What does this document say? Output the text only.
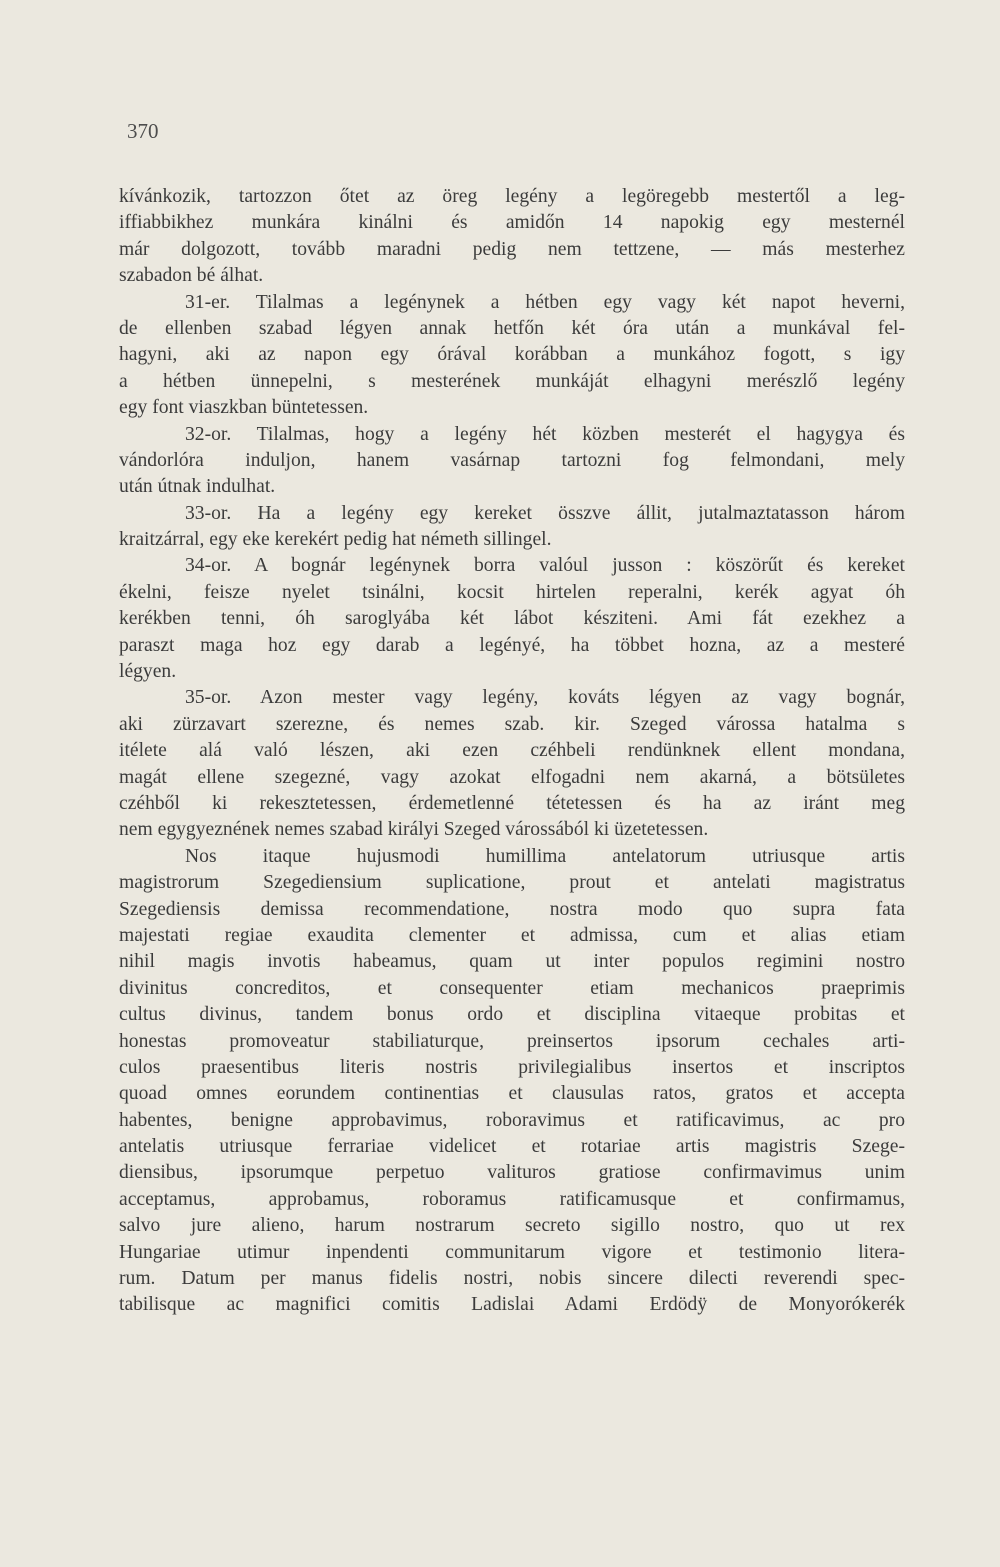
370
kívánkozik, tartozzon őtet az öreg legény a legöregebb mestertől a leg-
iffiabbikhez munkára kinálni és amidőn 14 napokig egy mesternél
már dolgozott, tovább maradni pedig nem tettzene, — más mesterhez
szabadon bé álhat.
31-er. Tilalmas a legénynek a hétben egy vagy két napot heverni,
de ellenben szabad légyen annak hetfőn két óra után a munkával fel-
hagyni, aki az napon egy órával korábban a munkához fogott, s igy
a hétben ünnepelni, s mesterének munkáját elhagyni merészlő legény
egy font viaszkban büntetessen.
32-or. Tilalmas, hogy a legény hét közben mesterét el hagygya és
vándorlóra induljon, hanem vasárnap tartozni fog felmondani, mely
után útnak indulhat.
33-or. Ha a legény egy kereket összve állit, jutalmaztatasson három
kraitzárral, egy eke kerekért pedig hat németh sillingel.
34-or. A bognár legénynek borra valóul jusson : köszörűt és kereket
ékelni, feisze nyelet tsinálni, kocsit hirtelen reperalni, kerék agyat óh
kerékben tenni, óh saroglyába két lábot késziteni. Ami fát ezekhez a
paraszt maga hoz egy darab a legényé, ha többet hozna, az a mesteré
légyen.
35-or. Azon mester vagy legény, kováts légyen az vagy bognár,
aki zürzavart szerezne, és nemes szab. kir. Szeged várossa hatalma s
itélete alá való lészen, aki ezen czéhbeli rendünknek ellent mondana,
magát ellene szegezné, vagy azokat elfogadni nem akarná, a bötsületes
czéhből ki rekesztetessen, érdemetlenné tétetessen és ha az iránt meg
nem egygyeznének nemes szabad királyi Szeged várossából ki üzetetessen.
Nos itaque hujusmodi humillima antelatorum utriusque artis
magistrorum Szegediensium suplicatione, prout et antelati magistratus
Szegediensis demissa recommendatione, nostra modo quo supra fata
majestati regiae exaudita clementer et admissa, cum et alias etiam
nihil magis invotis habeamus, quam ut inter populos regimini nostro
divinitus concreditos, et consequenter etiam mechanicos praeprimis
cultus divinus, tandem bonus ordo et disciplina vitaeque probitas et
honestas promoveatur stabiliaturque, preinsertos ipsorum cechales arti-
culos praesentibus literis nostris privilegialibus insertos et inscriptos
quoad omnes eorundem continentias et clausulas ratos, gratos et accepta
habentes, benigne approbavimus, roboravimus et ratificavimus, ac pro
antelatis utriusque ferrariae videlicet et rotariae artis magistris Szege-
diensibus, ipsorumque perpetuo valituros gratiose confirmavimus unim
acceptamus, approbamus, roboramus ratificamusque et confirmamus,
salvo jure alieno, harum nostrarum secreto sigillo nostro, quo ut rex
Hungariae utimur inpendenti communitarum vigore et testimonio litera-
rum. Datum per manus fidelis nostri, nobis sincere dilecti reverendi spec-
tabilisque ac magnifici comitis Ladislai Adami Erdödÿ de Monyorókerék
